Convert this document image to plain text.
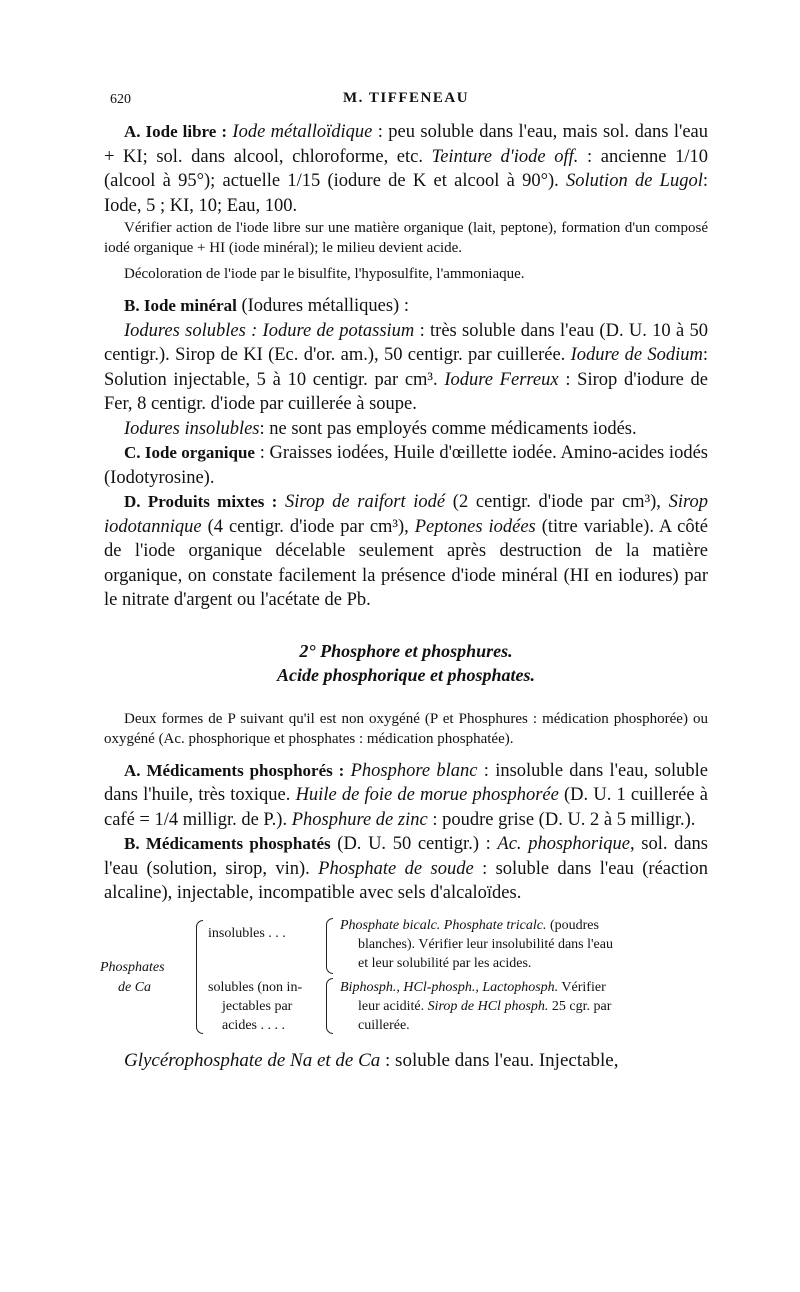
620	M. TIFFENEAU

A. Iode libre : Iode métalloïdique : peu soluble dans l'eau, mais sol. dans l'eau + KI; sol. dans alcool, chloroforme, etc. Teinture d'iode off. : ancienne 1/10 (alcool à 95°); actuelle 1/15 (iodure de K et alcool à 90°). Solution de Lugol: Iode, 5 ; KI, 10; Eau, 100.

Vérifier action de l'iode libre sur une matière organique (lait, peptone), formation d'un composé iodé organique + HI (iode minéral); le milieu devient acide.

Décoloration de l'iode par le bisulfite, l'hyposulfite, l'ammoniaque.

B. Iode minéral (Iodures métalliques) :

Iodures solubles : Iodure de potassium : très soluble dans l'eau (D. U. 10 à 50 centigr.). Sirop de KI (Ec. d'or. am.), 50 centigr. par cuillerée. Iodure de Sodium: Solution injectable, 5 à 10 centigr. par cm³. Iodure Ferreux : Sirop d'iodure de Fer, 8 centigr. d'iode par cuillerée à soupe.

Iodures insolubles: ne sont pas employés comme médicaments iodés.

C. Iode organique : Graisses iodées, Huile d'œillette iodée. Amino-acides iodés (Iodotyrosine).

D. Produits mixtes : Sirop de raifort iodé (2 centigr. d'iode par cm³), Sirop iodotannique (4 centigr. d'iode par cm³), Peptones iodées (titre variable). A côté de l'iode organique décelable seulement après destruction de la matière organique, on constate facilement la présence d'iode minéral (HI en iodures) par le nitrate d'argent ou l'acétate de Pb.

2° Phosphore et phosphures.
Acide phosphorique et phosphates.

Deux formes de P suivant qu'il est non oxygéné (P et Phosphures : médication phosphorée) ou oxygéné (Ac. phosphorique et phosphates : médication phosphatée).

A. Médicaments phosphorés : Phosphore blanc : insoluble dans l'eau, soluble dans l'huile, très toxique. Huile de foie de morue phosphorée (D. U. 1 cuillerée à café = 1/4 milligr. de P.). Phosphure de zinc : poudre grise (D. U. 2 à 5 milligr.).

B. Médicaments phosphatés (D. U. 50 centigr.) : Ac. phosphorique, sol. dans l'eau (solution, sirop, vin). Phosphate de soude : soluble dans l'eau (réaction alcaline), injectable, incompatible avec sels d'alcaloïdes.

Phosphates
de Ca
insolubles . . .
solubles (non in-
jectables par
acides . . . .
Phosphate bicalc. Phosphate tricalc. (poudres
blanches). Vérifier leur insolubilité dans l'eau
et leur solubilité par les acides.
Biphosph., HCl-phosph., Lactophosph. Vérifier
leur acidité. Sirop de HCl phosph. 25 cgr. par
cuillerée.

Glycérophosphate de Na et de Ca : soluble dans l'eau. Injectable,
